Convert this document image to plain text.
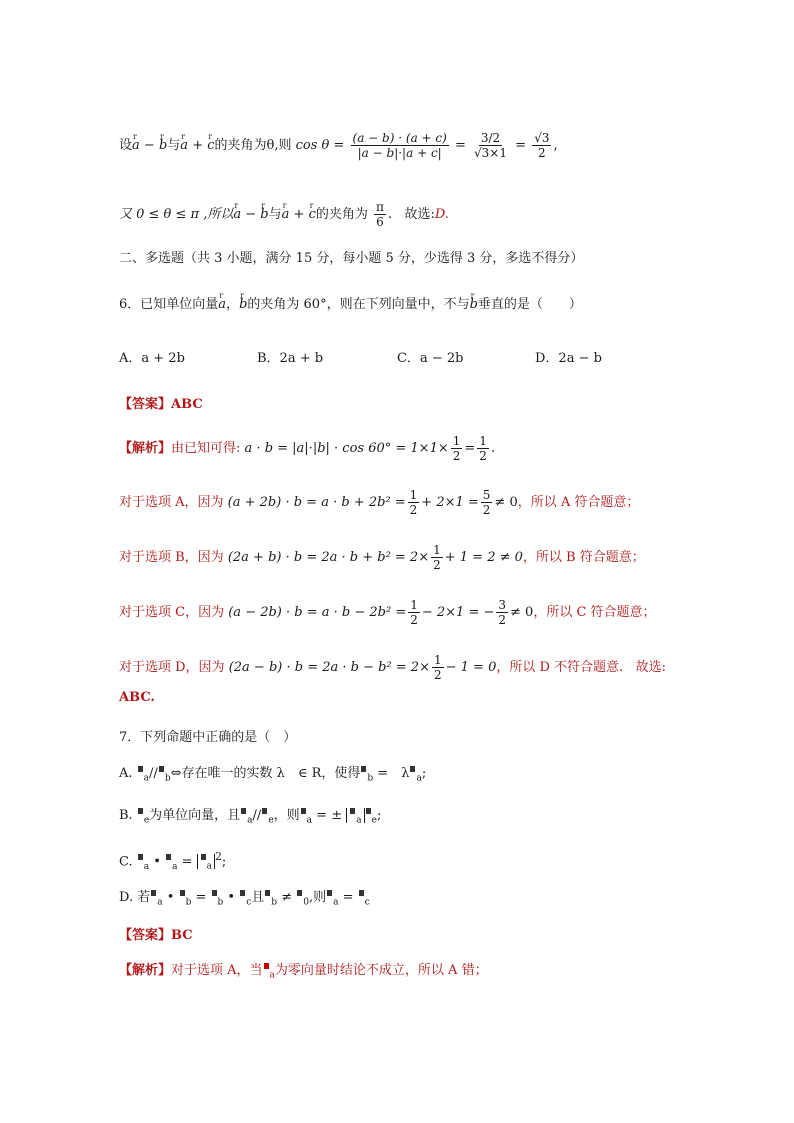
设r a − r b与r a + r c的夹角为θ,则 $\cos \theta = \frac{(a - b) \cdot (a + c)}{|a - b|\cdot|a + c|} = \frac{3/2}{√3\times 1} = \frac{√3}{2}$ ,
又 0 ≤ θ ≤ π ,所以r a − r b与r a + r c的夹角为 $\frac{\pi}{6}$ . 故选:D.
二、多选题（共 3 小题，满分 15 分，每小题 5 分，少选得 3 分，多选不得分）
6．已知单位向量r a，r b的夹角为 60°，则在下列向量中，不与r b垂直的是（　　）
A．a + 2b	B．2a + b	C．a − 2b	D．2a − b
【答案】ABC
【解析】由已知可得: $a \cdot b = |a|\cdot|b| \cdot \cos 60^\circ = 1\times 1\times \frac{1}{2} = \frac{1}{2}$ .
对于选项 A，因为 $(a + 2b) \cdot b = a \cdot b + 2b^2 = \frac{1}{2} + 2\times 1 = \frac{5}{2} \ne 0$，所以 A 符合题意；
对于选项 B，因为 $(2a + b) \cdot b = 2a \cdot b + b^2 = 2\times \frac{1}{2} + 1 = 2 \ne 0$，所以 B 符合题意；
对于选项 C，因为 $(a - 2b) \cdot b = a \cdot b - 2b^2 = \frac{1}{2} - 2\times 1$ = − $\frac{3}{2} \ne 0$，所以 C 符合题意；
对于选项 D，因为 $(2a - b) \cdot b = 2a \cdot b - b^2 = 2\times \frac{1}{2} - 1 = 0$，所以 D 不符合题意. 故选:
ABC.
7．下列命题中正确的是（　）
A. $_a$// $_b$⇔存在唯一的实数 λ　∈ R，使得 $_b$ =　λ $_a$;
B. $_e$为单位向量，且 $_a$// $_e$，则 $_a$ = ± $_a$ $_e$;
C. $_a$ • $_a$ = $_a^2$;
D. 若 $_a$ • $_b$ = $_b$ • $_c$且 $_b$ ≠ $_0$,则 $_a$ = $_c$
【答案】BC
【解析】对于选项 A，当 $_a$为零向量时结论不成立，所以 A 错；
